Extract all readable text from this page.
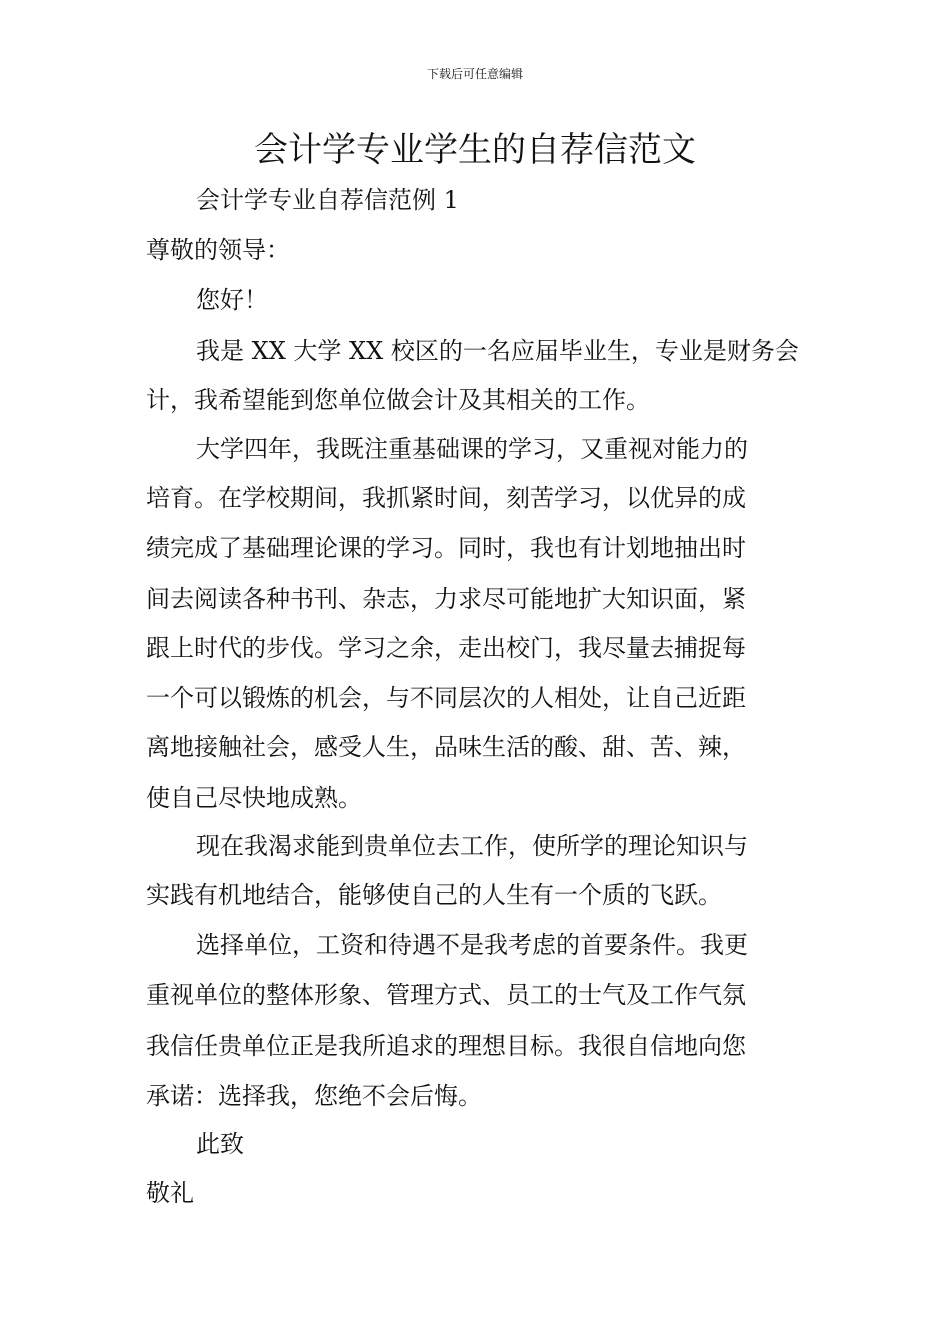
下载后可任意编辑
会计学专业学生的自荐信范文
会计学专业自荐信范例 1
尊敬的领导：
您好！
我是 XX 大学 XX 校区的一名应届毕业生，专业是财务会
计，我希望能到您单位做会计及其相关的工作。
大学四年，我既注重基础课的学习，又重视对能力的
培育。在学校期间，我抓紧时间，刻苦学习，以优异的成
绩完成了基础理论课的学习。同时，我也有计划地抽出时
间去阅读各种书刊、杂志，力求尽可能地扩大知识面，紧
跟上时代的步伐。学习之余，走出校门，我尽量去捕捉每
一个可以锻炼的机会，与不同层次的人相处，让自己近距
离地接触社会，感受人生，品味生活的酸、甜、苦、辣，
使自己尽快地成熟。
现在我渴求能到贵单位去工作，使所学的理论知识与
实践有机地结合，能够使自己的人生有一个质的飞跃。
选择单位，工资和待遇不是我考虑的首要条件。我更
重视单位的整体形象、管理方式、员工的士气及工作气氛
我信任贵单位正是我所追求的理想目标。我很自信地向您
承诺：选择我，您绝不会后悔。
此致
敬礼
